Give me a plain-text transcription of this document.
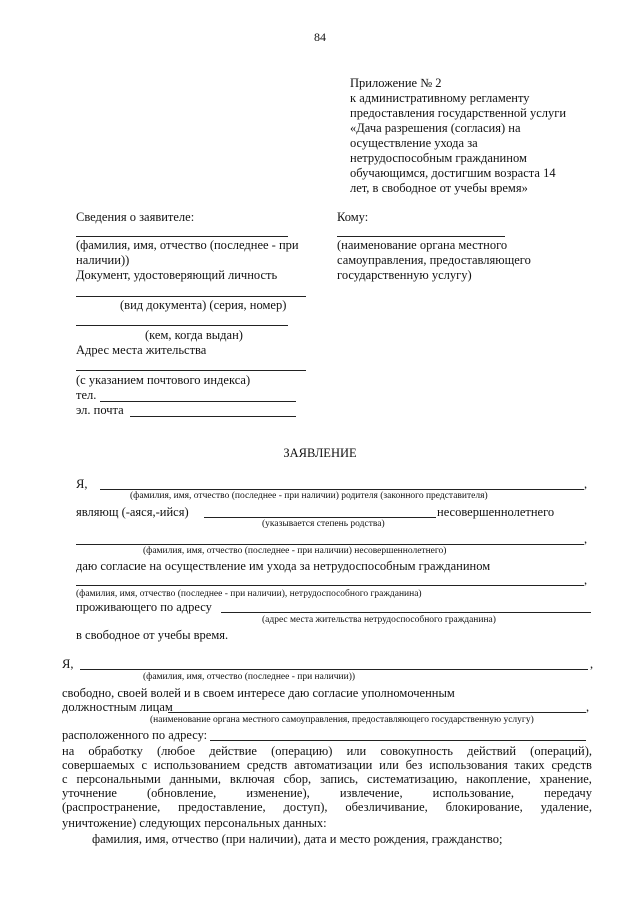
84
Приложение № 2
к административному регламенту
предоставления государственной услуги
«Дача разрешения (согласия) на
осуществление ухода за
нетрудоспособным гражданином
обучающимся, достигшим возраста 14
лет, в свободное от учебы время»
Сведения о заявителе:
(фамилия, имя, отчество (последнее - при
наличии))
Документ, удостоверяющий личность
(вид документа) (серия, номер)
(кем, когда выдан)
Адрес места жительства
(с указанием почтового индекса)
тел.
эл. почта
Кому:
(наименование органа местного
самоуправления, предоставляющего
государственную услугу)
ЗАЯВЛЕНИЕ
Я,	,
(фамилия, имя, отчество (последнее - при наличии) родителя (законного представителя)
являющ (-аяся,-ийся)	несовершеннолетнего
(указывается степень родства)
,
(фамилия, имя, отчество (последнее - при наличии) несовершеннолетнего)
даю согласие на осуществление им ухода за нетрудоспособным гражданином
,
(фамилия, имя, отчество (последнее - при наличии), нетрудоспособного гражданина)
проживающего по адресу
(адрес места жительства нетрудоспособного гражданина)
в свободное от учебы время.
Я,	,
(фамилия, имя, отчество (последнее - при наличии))
свободно, своей волей и в своем интересе даю согласие уполномоченным
должностным лицам	,
(наименование органа местного самоуправления, предоставляющего государственную услугу)
расположенного по адресу:
на обработку (любое действие (операцию) или совокупность действий (операций),
совершаемых с использованием средств автоматизации или без использования таких средств
с персональными данными, включая сбор, запись, систематизацию, накопление, хранение,
уточнение (обновление, изменение), извлечение, использование, передачу
(распространение, предоставление, доступ), обезличивание, блокирование, удаление,
уничтожение) следующих персональных данных:
фамилия, имя, отчество (при наличии), дата и место рождения, гражданство;
